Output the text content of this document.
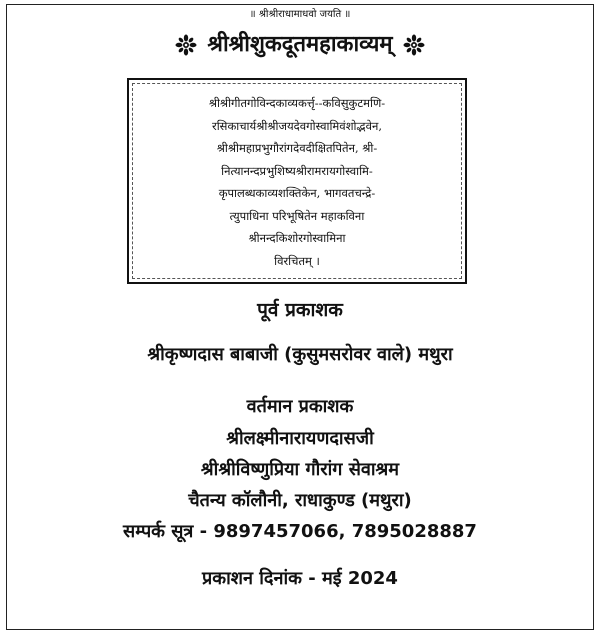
॥ श्रीश्रीराधामाधवो जयति ॥
श्रीश्रीशुकदूतमहाकाव्यम्
श्रीश्रीगीतगोविन्दकाव्यकर्त्तृ--कविसुकुटमणि-
रसिकाचार्यश्रीश्रीजयदेवगोस्वामिवंशोद्भवेन,
श्रीश्रीमहाप्रभुगौरांगदेवदीक्षितपितेन, श्री-
नित्यानन्दप्रभुशिष्यश्रीरामरायगोस्वामि-
कृपालब्धकाव्यशक्तिकेन, भागवतचन्द्रे-
त्युपाधिना परिभूषितेन महाकविना
श्रीनन्दकिशोरगोस्वामिना
विरचितम् ।
पूर्व प्रकाशक
श्रीकृष्णदास बाबाजी (कुसुमसरोवर वाले) मथुरा
वर्तमान प्रकाशक
श्रीलक्ष्मीनारायणदासजी
श्रीश्रीविष्णुप्रिया गौरांग सेवाश्रम
चैतन्य कॉलौनी, राधाकुण्ड (मथुरा)
सम्पर्क सूत्र - 9897457066, 7895028887
प्रकाशन दिनांक - मई 2024
